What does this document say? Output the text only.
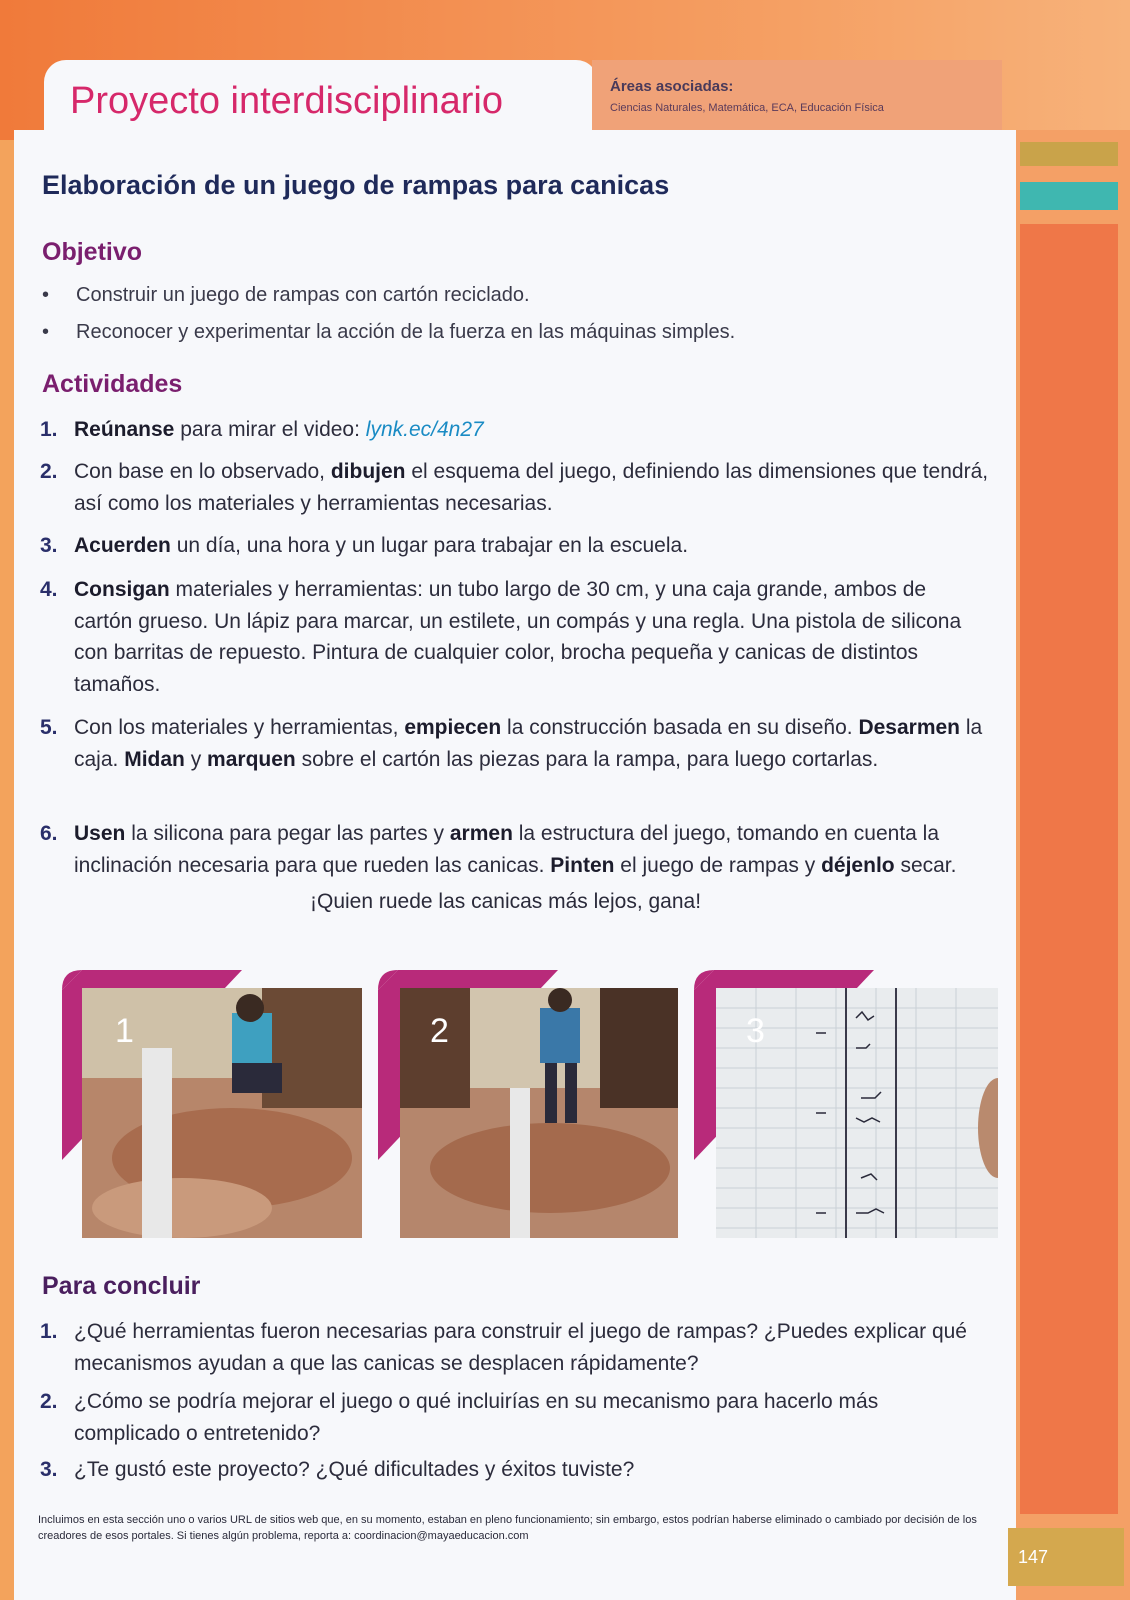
Proyecto interdisciplinario	Áreas asociadas:
Ciencias Naturales, Matemática, ECA, Educación Física
Elaboración de un juego de rampas para canicas
Objetivo
• Construir un juego de rampas con cartón reciclado.
• Reconocer y experimentar la acción de la fuerza en las máquinas simples.
Actividades
1. Reúnanse para mirar el video: lynk.ec/4n27
2. Con base en lo observado, dibujen el esquema del juego, definiendo las dimensiones que tendrá, así como los materiales y herramientas necesarias.
3. Acuerden un día, una hora y un lugar para trabajar en la escuela.
4. Consigan materiales y herramientas: un tubo largo de 30 cm, y una caja grande, ambos de cartón grueso. Un lápiz para marcar, un estilete, un compás y una regla. Una pistola de silicona con barritas de repuesto. Pintura de cualquier color, brocha pequeña y canicas de distintos tamaños.
5. Con los materiales y herramientas, empiecen la construcción basada en su diseño. Desarmen la caja. Midan y marquen sobre el cartón las piezas para la rampa, para luego cortarlas.
6. Usen la silicona para pegar las partes y armen la estructura del juego, tomando en cuenta la inclinación necesaria para que rueden las canicas. Pinten el juego de rampas y déjenlo secar.
¡Quien ruede las canicas más lejos, gana!
1	2	3
Para concluir
1. ¿Qué herramientas fueron necesarias para construir el juego de rampas? ¿Puedes explicar qué mecanismos ayudan a que las canicas se desplacen rápidamente?
2. ¿Cómo se podría mejorar el juego o qué incluirías en su mecanismo para hacerlo más complicado o entretenido?
3. ¿Te gustó este proyecto? ¿Qué dificultades y éxitos tuviste?
Incluimos en esta sección uno o varios URL de sitios web que, en su momento, estaban en pleno funcionamiento; sin embargo, estos podrían haberse eliminado o cambiado por decisión de los creadores de esos portales. Si tienes algún problema, reporta a: coordinacion@mayaeducacion.com
147
